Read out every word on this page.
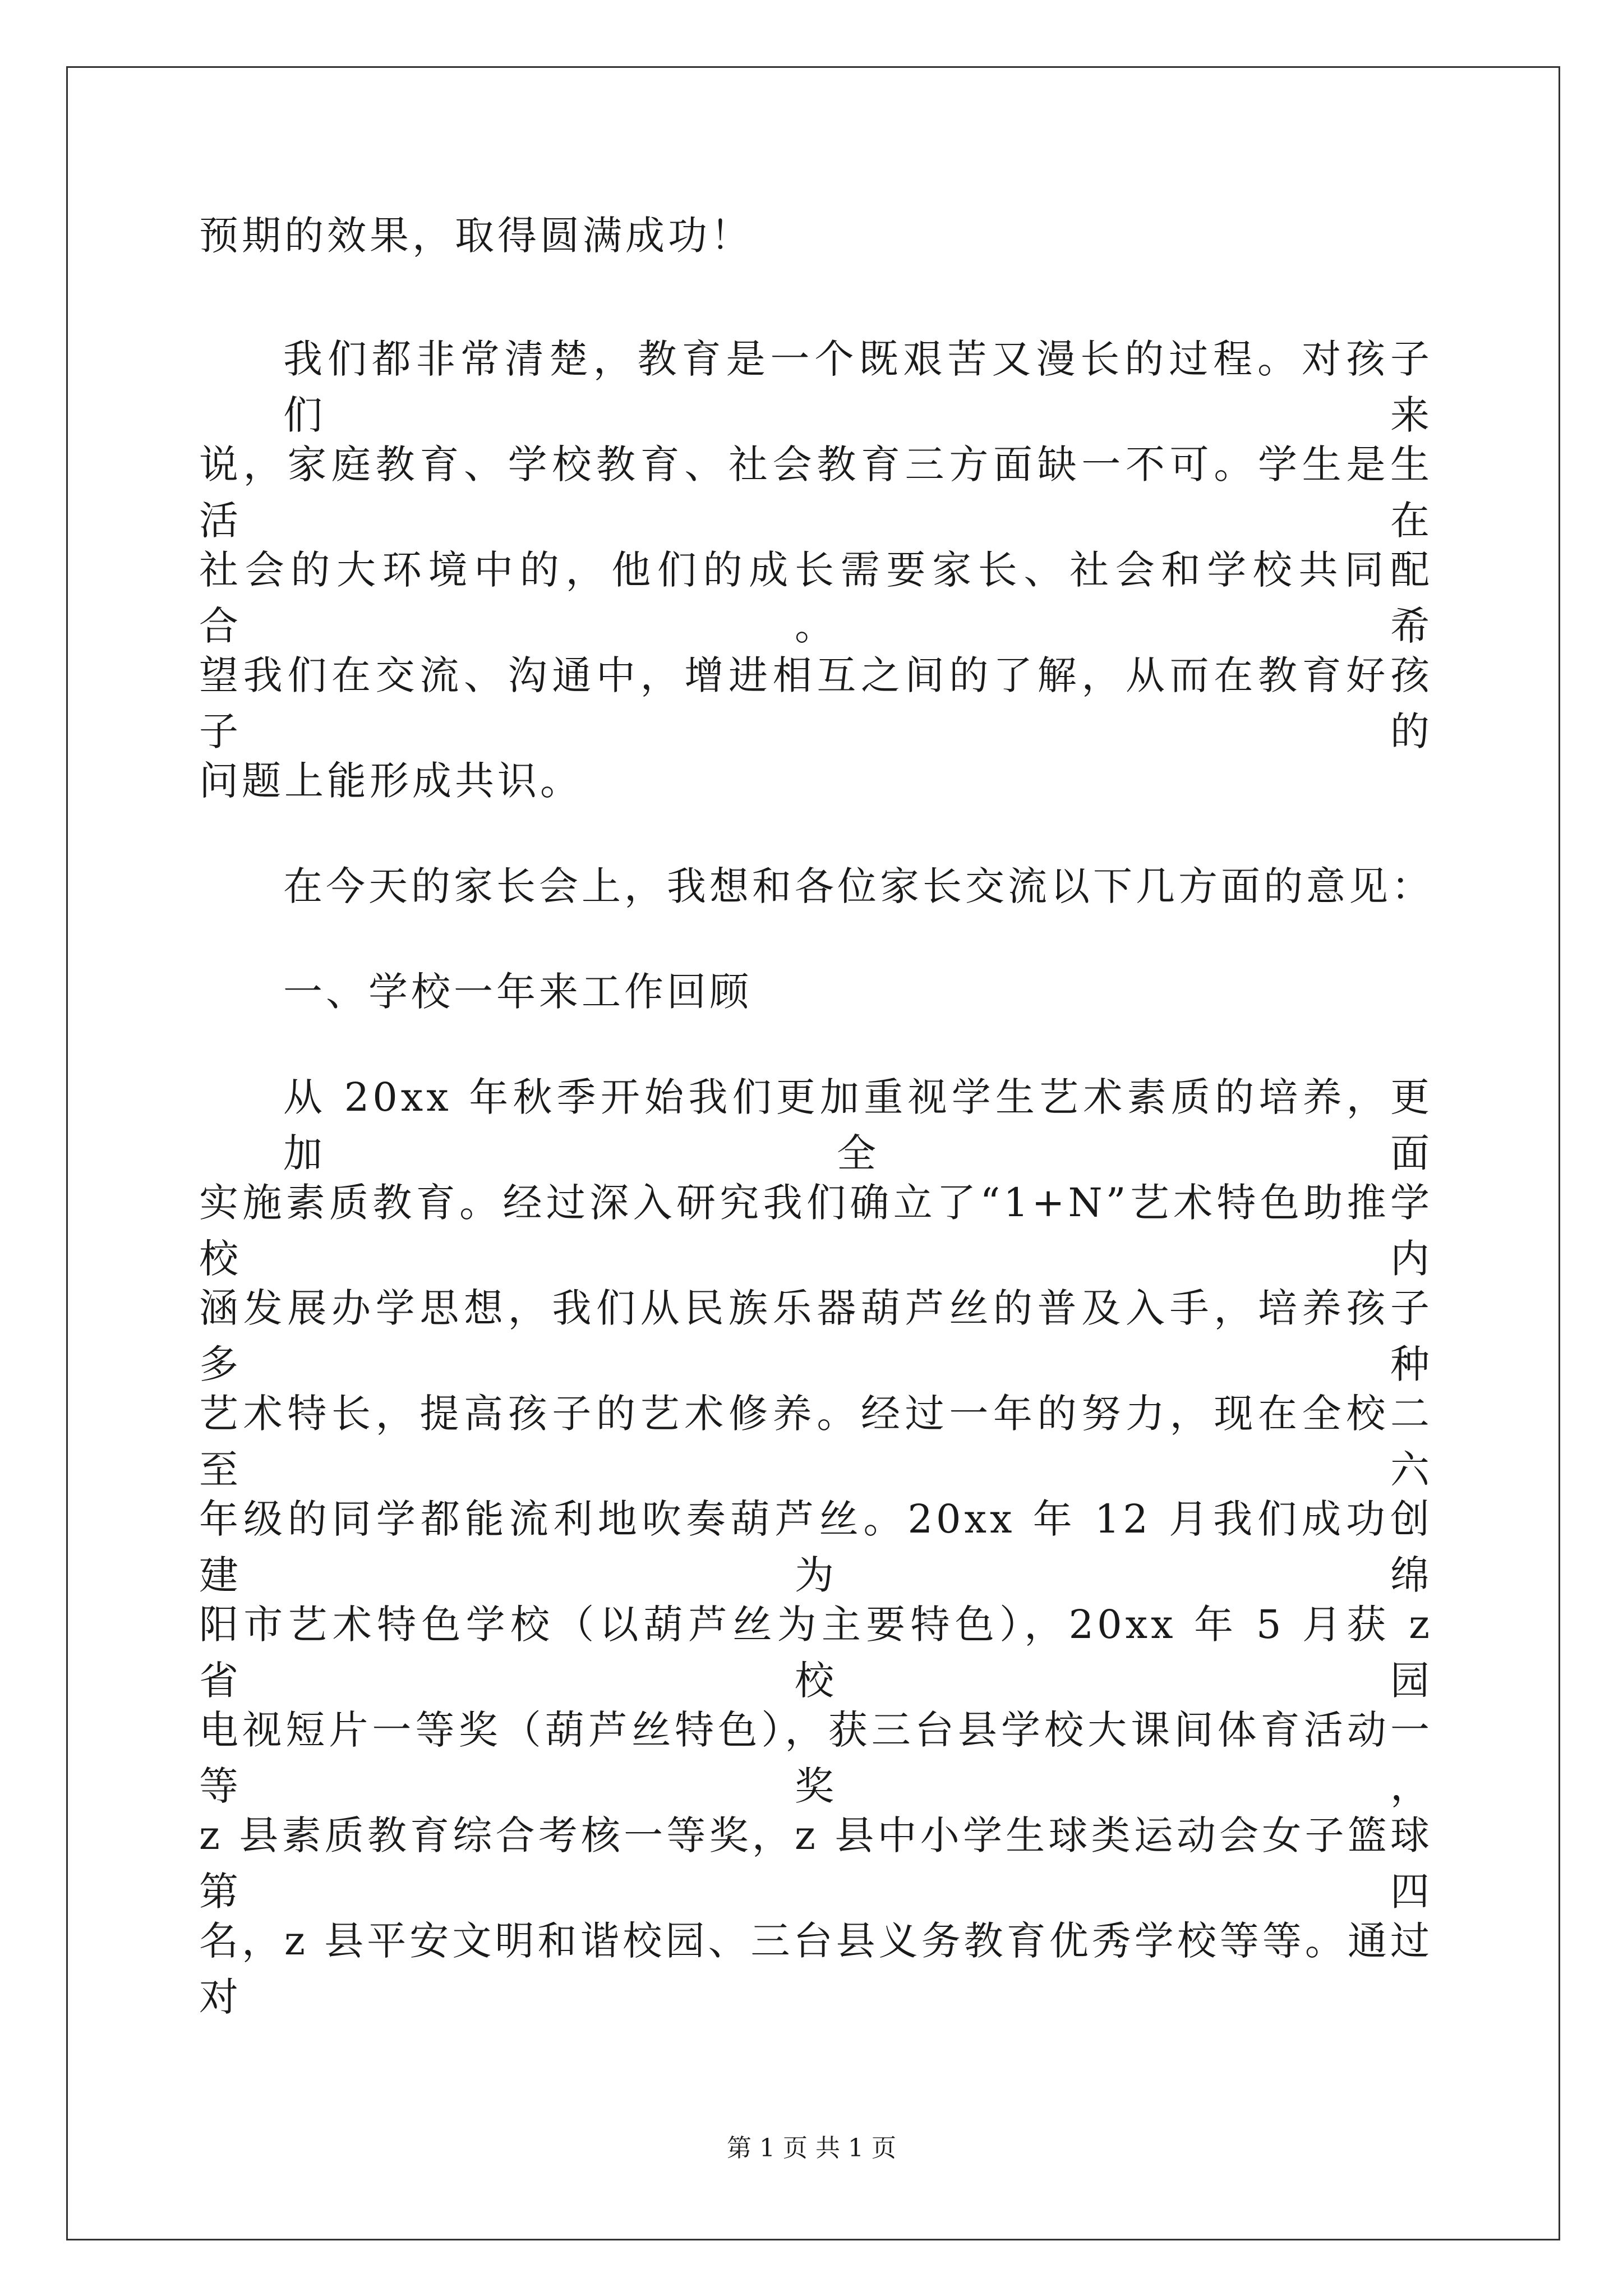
预期的效果，取得圆满成功！
我们都非常清楚，教育是一个既艰苦又漫长的过程。对孩子们来
说，家庭教育、学校教育、社会教育三方面缺一不可。学生是生活在
社会的大环境中的，他们的成长需要家长、社会和学校共同配合。希
望我们在交流、沟通中，增进相互之间的了解，从而在教育好孩子的
问题上能形成共识。
在今天的家长会上，我想和各位家长交流以下几方面的意见：
一、学校一年来工作回顾
从 20xx 年秋季开始我们更加重视学生艺术素质的培养，更加全面
实施素质教育。经过深入研究我们确立了“1+N”艺术特色助推学校内
涵发展办学思想，我们从民族乐器葫芦丝的普及入手，培养孩子多种
艺术特长，提高孩子的艺术修养。经过一年的努力，现在全校二至六
年级的同学都能流利地吹奏葫芦丝。20xx 年 12 月我们成功创建为绵
阳市艺术特色学校（以葫芦丝为主要特色），20xx 年 5 月获 z 省校园
电视短片一等奖（葫芦丝特色），获三台县学校大课间体育活动一等奖，
z 县素质教育综合考核一等奖，z 县中小学生球类运动会女子篮球第四
名，z 县平安文明和谐校园、三台县义务教育优秀学校等等。通过对
第 1 页 共 1 页
